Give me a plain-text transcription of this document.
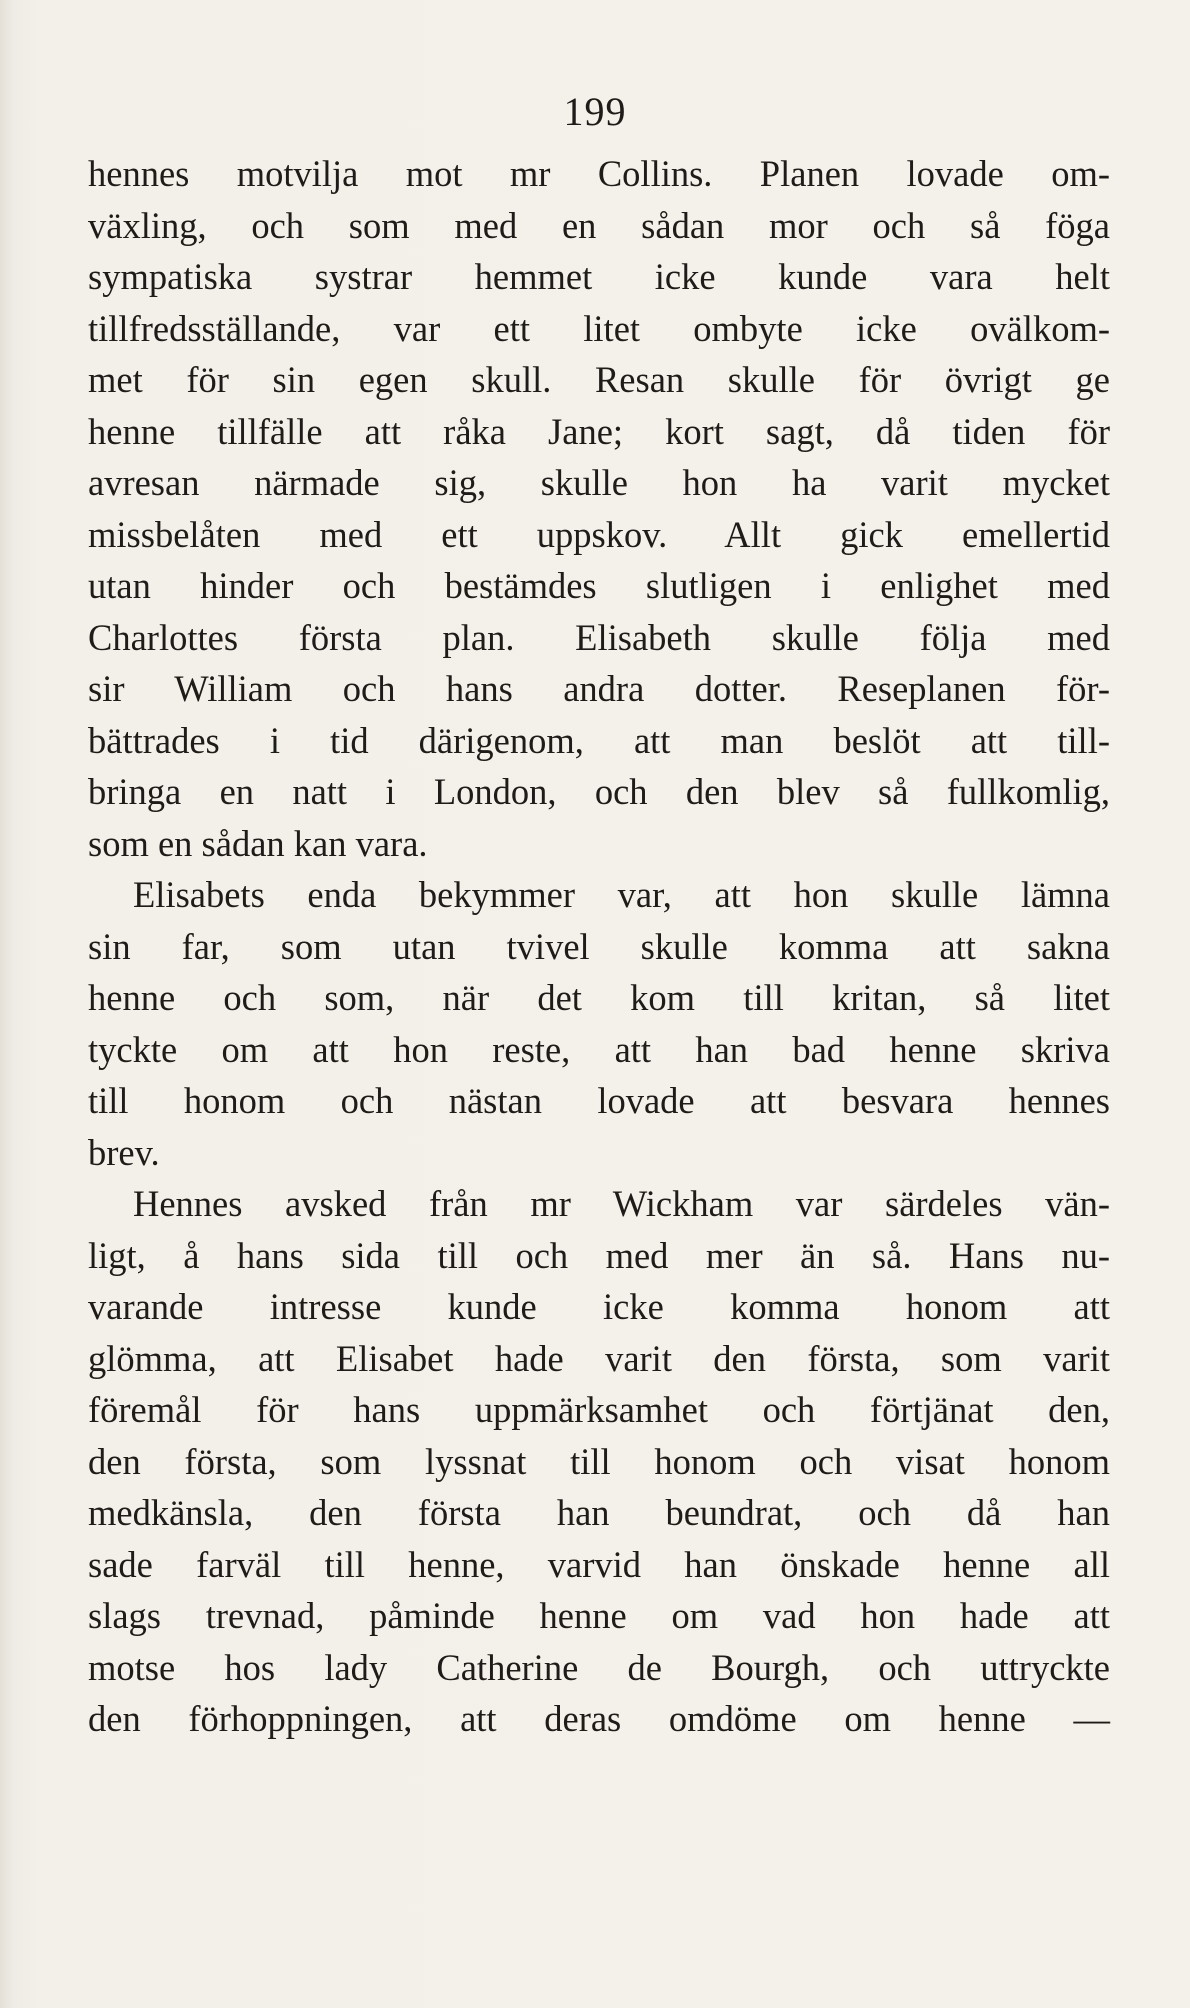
199
hennes motvilja mot mr Collins. Planen lovade om-
växling, och som med en sådan mor och så föga
sympatiska systrar hemmet icke kunde vara helt
tillfredsställande, var ett litet ombyte icke ovälkom-
met för sin egen skull. Resan skulle för övrigt ge
henne tillfälle att råka Jane; kort sagt, då tiden för
avresan närmade sig, skulle hon ha varit mycket
missbelåten med ett uppskov. Allt gick emellertid
utan hinder och bestämdes slutligen i enlighet med
Charlottes första plan. Elisabeth skulle följa med
sir William och hans andra dotter. Reseplanen för-
bättrades i tid därigenom, att man beslöt att till-
bringa en natt i London, och den blev så fullkomlig,
som en sådan kan vara.
Elisabets enda bekymmer var, att hon skulle lämna
sin far, som utan tvivel skulle komma att sakna
henne och som, när det kom till kritan, så litet
tyckte om att hon reste, att han bad henne skriva
till honom och nästan lovade att besvara hennes
brev.
Hennes avsked från mr Wickham var särdeles vän-
ligt, å hans sida till och med mer än så. Hans nu-
varande intresse kunde icke komma honom att
glömma, att Elisabet hade varit den första, som varit
föremål för hans uppmärksamhet och förtjänat den,
den första, som lyssnat till honom och visat honom
medkänsla, den första han beundrat, och då han
sade farväl till henne, varvid han önskade henne all
slags trevnad, påminde henne om vad hon hade att
motse hos lady Catherine de Bourgh, och uttryckte
den förhoppningen, att deras omdöme om henne —
